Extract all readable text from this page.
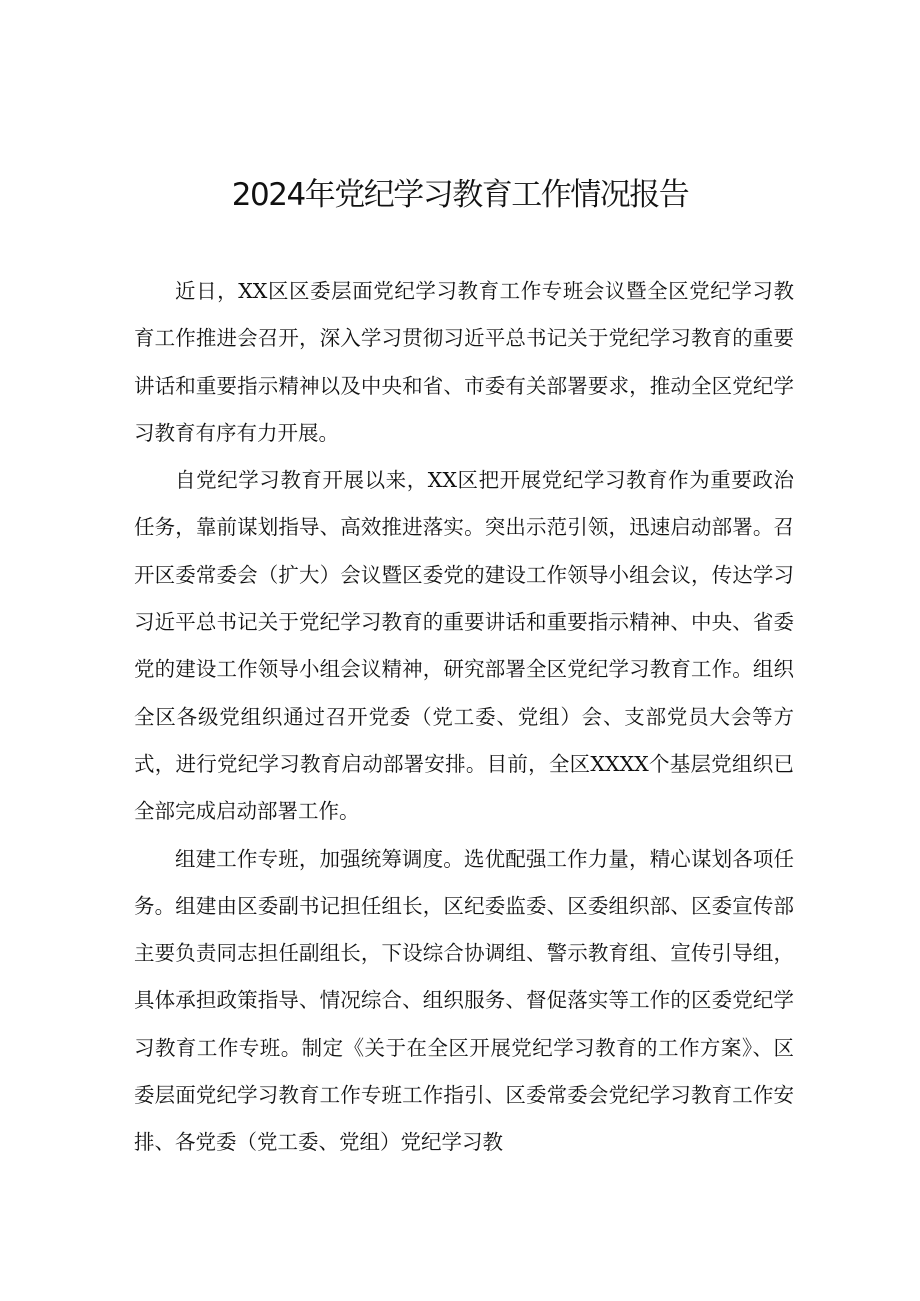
2024年党纪学习教育工作情况报告

近日，XX区区委层面党纪学习教育工作专班会议暨全区党纪学习教育工作推进会召开，深入学习贯彻习近平总书记关于党纪学习教育的重要讲话和重要指示精神以及中央和省、市委有关部署要求，推动全区党纪学习教育有序有力开展。

自党纪学习教育开展以来，XX区把开展党纪学习教育作为重要政治任务，靠前谋划指导、高效推进落实。突出示范引领，迅速启动部署。召开区委常委会（扩大）会议暨区委党的建设工作领导小组会议，传达学习习近平总书记关于党纪学习教育的重要讲话和重要指示精神、中央、省委党的建设工作领导小组会议精神，研究部署全区党纪学习教育工作。组织全区各级党组织通过召开党委（党工委、党组）会、支部党员大会等方式，进行党纪学习教育启动部署安排。目前，全区XXXX个基层党组织已全部完成启动部署工作。

组建工作专班，加强统筹调度。选优配强工作力量，精心谋划各项任务。组建由区委副书记担任组长，区纪委监委、区委组织部、区委宣传部主要负责同志担任副组长，下设综合协调组、警示教育组、宣传引导组，具体承担政策指导、情况综合、组织服务、督促落实等工作的区委党纪学习教育工作专班。制定《关于在全区开展党纪学习教育的工作方案》、区委层面党纪学习教育工作专班工作指引、区委常委会党纪学习教育工作安排、各党委（党工委、党组）党纪学习教
